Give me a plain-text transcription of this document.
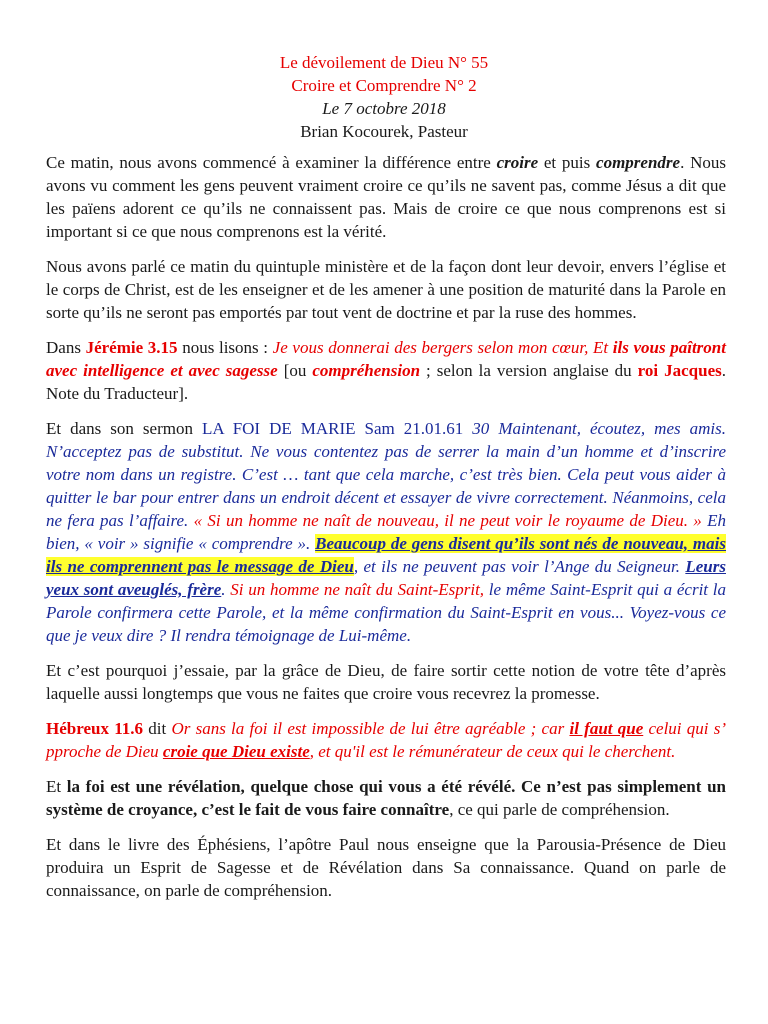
Le dévoilement de Dieu N° 55
Croire et Comprendre N° 2
Le 7 octobre 2018
Brian Kocourek, Pasteur

Ce matin, nous avons commencé à examiner la différence entre croire et puis comprendre. Nous avons vu comment les gens peuvent vraiment croire ce qu’ils ne savent pas, comme Jésus a dit que les païens adorent ce qu’ils ne connaissent pas. Mais de croire ce que nous comprenons est si important si ce que nous comprenons est la vérité.

Nous avons parlé ce matin du quintuple ministère et de la façon dont leur devoir, envers l’église et le corps de Christ, est de les enseigner et de les amener à une position de maturité dans la Parole en sorte qu’ils ne seront pas emportés par tout vent de doctrine et par la ruse des hommes.

Dans Jérémie 3.15 nous lisons : Je vous donnerai des bergers selon mon cœur, Et ils vous paîtront avec intelligence et avec sagesse [ou compréhension ; selon la version anglaise du roi Jacques. Note du Traducteur].

Et dans son sermon LA FOI DE MARIE Sam 21.01.61 30 Maintenant, écoutez, mes amis. N’acceptez pas de substitut. Ne vous contentez pas de serrer la main d’un homme et d’inscrire votre nom dans un registre. C’est … tant que cela marche, c’est très bien. Cela peut vous aider à quitter le bar pour entrer dans un endroit décent et essayer de vivre correctement. Néanmoins, cela ne fera pas l’affaire. « Si un homme ne naît de nouveau, il ne peut voir le royaume de Dieu. » Eh bien, « voir » signifie « comprendre ». Beaucoup de gens disent qu’ils sont nés de nouveau, mais ils ne comprennent pas le message de Dieu, et ils ne peuvent pas voir l’Ange du Seigneur. Leurs yeux sont aveuglés, frère. Si un homme ne naît du Saint-Esprit, le même Saint-Esprit qui a écrit la Parole confirmera cette Parole, et la même confirmation du Saint-Esprit en vous... Voyez-vous ce que je veux dire ? Il rendra témoignage de Lui-même.

Et c’est pourquoi j’essaie, par la grâce de Dieu, de faire sortir cette notion de votre tête d’après laquelle aussi longtemps que vous ne faites que croire vous recevrez la promesse.

Hébreux 11.6 dit Or sans la foi il est impossible de lui être agréable ; car il faut que celui qui s’   pproche de Dieu croie que Dieu existe, et qu'il est le rémunérateur de ceux qui le cherchent.

Et la foi est une révélation, quelque chose qui vous a été révélé. Ce n’est pas simplement un système de croyance, c’est le fait de vous faire connaître, ce qui parle de compréhension.

Et dans le livre des Éphésiens, l’apôtre Paul nous enseigne que la Parousia-Présence de Dieu produira un Esprit de Sagesse et de Révélation dans Sa connaissance. Quand on parle de connaissance, on parle de compréhension.
